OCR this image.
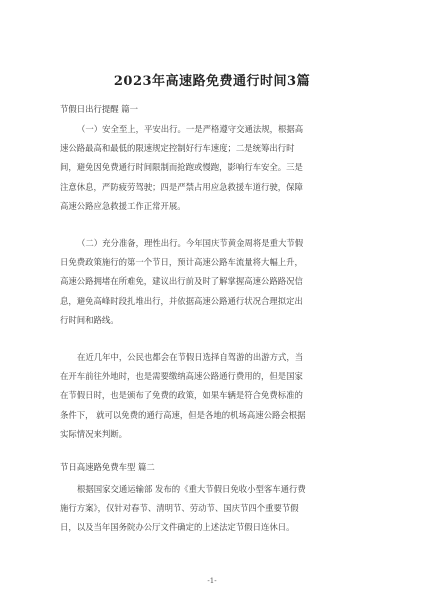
2023年高速路免费通行时间3篇
节假日出行提醒 篇一
（一）安全至上，平安出行。一是严格遵守交通法规，根据高
速公路最高和最低的限速规定控制好行车速度；二是统筹出行时
间，避免因免费通行时间限制而抢跑或慢跑，影响行车安全。三是
注意休息，严防疲劳驾驶；四是严禁占用应急救援车道行驶，保障
高速公路应急救援工作正常开展。
（二）充分准备，理性出行。今年国庆节黄金周将是重大节假
日免费政策施行的第一个节日，预计高速公路车流量将大幅上升，
高速公路拥堵在所难免，建议出行前及时了解掌握高速公路路况信
息，避免高峰时段扎堆出行，并依据高速公路通行状况合理拟定出
行时间和路线。
在近几年中，公民也都会在节假日选择自驾游的出游方式，当
在开车前往外地时，也是需要缴纳高速公路通行费用的，但是国家
在节假日时，也是颁布了免费的政策，如果车辆是符合免费标准的
条件下， 就可以免费的通行高速，但是各地的机场高速公路会根据
实际情况来判断。
节日高速路免费车型 篇二
根据国家交通运输部 发布的《重大节假日免收小型客车通行费
施行方案》，仅针对春节、清明节、劳动节、国庆节四个重要节假
日，以及当年国务院办公厅文件确定的上述法定节假日连休日。
-1-
